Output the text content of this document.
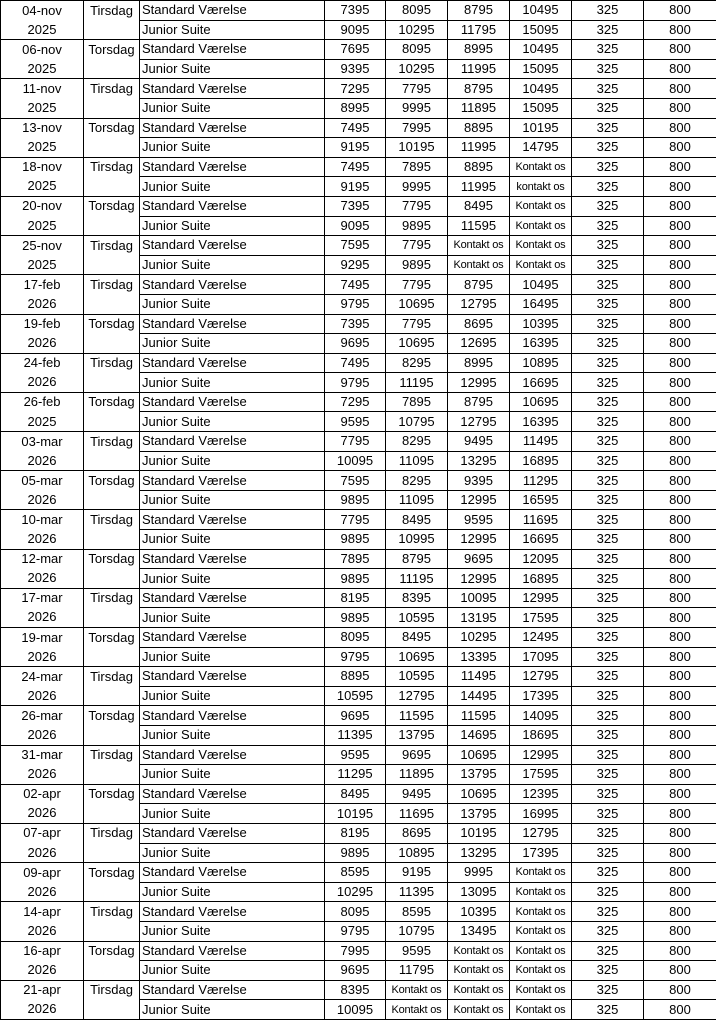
04-nov	Tirsdag	Standard Værelse	7395	8095	8795	10495	325	800
2025		Junior Suite	9095	10295	11795	15095	325	800
06-nov	Torsdag	Standard Værelse	7695	8095	8995	10495	325	800
2025		Junior Suite	9395	10295	11995	15095	325	800
11-nov	Tirsdag	Standard Værelse	7295	7795	8795	10495	325	800
2025		Junior Suite	8995	9995	11895	15095	325	800
13-nov	Torsdag	Standard Værelse	7495	7995	8895	10195	325	800
2025		Junior Suite	9195	10195	11995	14795	325	800
18-nov	Tirsdag	Standard Værelse	7495	7895	8895	Kontakt os	325	800
2025		Junior Suite	9195	9995	11995	kontakt os	325	800
20-nov	Torsdag	Standard Værelse	7395	7795	8495	Kontakt os	325	800
2025		Junior Suite	9095	9895	11595	Kontakt os	325	800
25-nov	Tirsdag	Standard Værelse	7595	7795	Kontakt os	Kontakt os	325	800
2025		Junior Suite	9295	9895	Kontakt os	Kontakt os	325	800
17-feb	Tirsdag	Standard Værelse	7495	7795	8795	10495	325	800
2026		Junior Suite	9795	10695	12795	16495	325	800
19-feb	Torsdag	Standard Værelse	7395	7795	8695	10395	325	800
2026		Junior Suite	9695	10695	12695	16395	325	800
24-feb	Tirsdag	Standard Værelse	7495	8295	8995	10895	325	800
2026		Junior Suite	9795	11195	12995	16695	325	800
26-feb	Torsdag	Standard Værelse	7295	7895	8795	10695	325	800
2025		Junior Suite	9595	10795	12795	16395	325	800
03-mar	Tirsdag	Standard Værelse	7795	8295	9495	11495	325	800
2026		Junior Suite	10095	11095	13295	16895	325	800
05-mar	Torsdag	Standard Værelse	7595	8295	9395	11295	325	800
2026		Junior Suite	9895	11095	12995	16595	325	800
10-mar	Tirsdag	Standard Værelse	7795	8495	9595	11695	325	800
2026		Junior Suite	9895	10995	12995	16695	325	800
12-mar	Torsdag	Standard Værelse	7895	8795	9695	12095	325	800
2026		Junior Suite	9895	11195	12995	16895	325	800
17-mar	Tirsdag	Standard Værelse	8195	8395	10095	12995	325	800
2026		Junior Suite	9895	10595	13195	17595	325	800
19-mar	Torsdag	Standard Værelse	8095	8495	10295	12495	325	800
2026		Junior Suite	9795	10695	13395	17095	325	800
24-mar	Tirsdag	Standard Værelse	8895	10595	11495	12795	325	800
2026		Junior Suite	10595	12795	14495	17395	325	800
26-mar	Torsdag	Standard Værelse	9695	11595	11595	14095	325	800
2026		Junior Suite	11395	13795	14695	18695	325	800
31-mar	Tirsdag	Standard Værelse	9595	9695	10695	12995	325	800
2026		Junior Suite	11295	11895	13795	17595	325	800
02-apr	Torsdag	Standard Værelse	8495	9495	10695	12395	325	800
2026		Junior Suite	10195	11695	13795	16995	325	800
07-apr	Tirsdag	Standard Værelse	8195	8695	10195	12795	325	800
2026		Junior Suite	9895	10895	13295	17395	325	800
09-apr	Torsdag	Standard Værelse	8595	9195	9995	Kontakt os	325	800
2026		Junior Suite	10295	11395	13095	Kontakt os	325	800
14-apr	Tirsdag	Standard Værelse	8095	8595	10395	Kontakt os	325	800
2026		Junior Suite	9795	10795	13495	Kontakt os	325	800
16-apr	Torsdag	Standard Værelse	7995	9595	Kontakt os	Kontakt os	325	800
2026		Junior Suite	9695	11795	Kontakt os	Kontakt os	325	800
21-apr	Tirsdag	Standard Værelse	8395	Kontakt os	Kontakt os	Kontakt os	325	800
2026		Junior Suite	10095	Kontakt os	Kontakt os	Kontakt os	325	800
